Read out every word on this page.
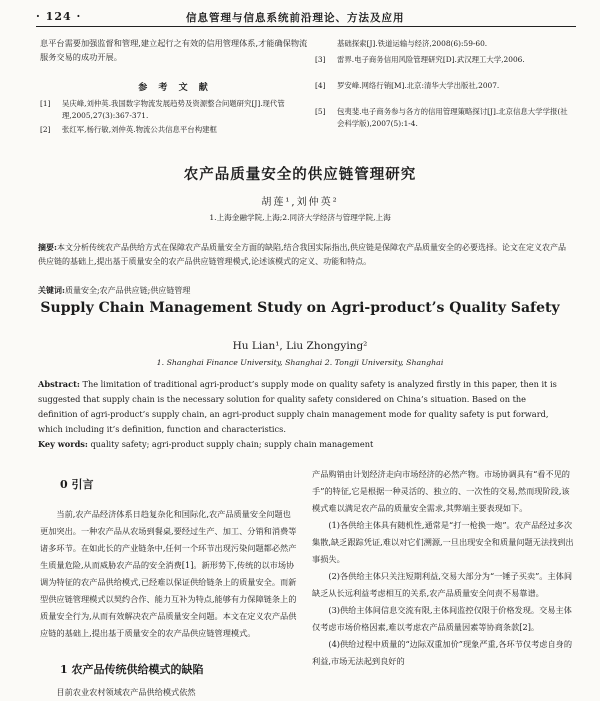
· 124 ·	信息管理与信息系统前沿理论、方法及应用

息平台需要加强监督和管理,建立起行之有效的信用管理体系,才能确保物流服务交易的成功开展。

参 考 文 献
[1] 吴庆峰,刘仲英.我国数字物流发展趋势及资源整合问题研究[J].现代管理,2005,27(3):367-371.
[2] 张红军,杨行敏,刘仲英.物流公共信息平台构建框
基础探索[J].铁道运输与经济,2008(6):59-60.
[3] 雷界.电子商务信用风险管理研究[D].武汉理工大学,2006.
[4] 罗安峰.网络行销[M].北京:清华大学出版社,2007.
[5] 包夷斐.电子商务参与各方的信用管理策略探讨[J].北京信息大学学报(社会科学版),2007(5):1-4.
农产品质量安全的供应链管理研究
胡莲¹,刘仲英²
1.上海金融学院,上海;2.同济大学经济与管理学院,上海
摘要:本文分析传统农产品供给方式在保障农产品质量安全方面的缺陷,结合我国实际指出,供应链是保障农产品质量安全的必要选择。论文在定义农产品供应链的基础上,提出基于质量安全的农产品供应链管理模式,论述该模式的定义、功能和特点。
关键词:质量安全;农产品供应链;供应链管理
Supply Chain Management Study on Agri-product’s Quality Safety
Hu Lian¹, Liu Zhongying²
1. Shanghai Finance University, Shanghai 2. Tongji University, Shanghai
Abstract: The limitation of traditional agri-product’s supply mode on quality safety is analyzed firstly in this paper, then it is suggested that supply chain is the necessary solution for quality safety considered on China’s situation. Based on the definition of agri-product’s supply chain, an agri-product supply chain management mode for quality safety is put forward, which including it’s definition, function and characteristics.
Key words: quality safety; agri-product supply chain; supply chain management
0 引言

当前,农产品经济体系日趋复杂化和国际化,农产品质量安全问题也更加突出。一种农产品从农场到餐桌,要经过生产、加工、分销和消费等诸多环节。在如此长的产业链条中,任何一个环节出现污染问题都必然产生质量危险,从而威胁农产品的安全消费[1]。新形势下,传统的以市场协调为特征的农产品供给模式,已经难以保证供给链条上的质量安全。而新型供应链管理模式以契约合作、能力互补为特点,能够有力保障链条上的质量安全行为,从而有效解决农产品质量安全问题。本文在定义农产品供应链的基础上,提出基于质量安全的农产品供应链管理模式。

1 农产品传统供给模式的缺陷

目前农业农村领域农产品供给模式依然

产品购销由计划经济走向市场经济的必然产物。市场协调具有“看不见的手”的特征,它是根据一种灵活的、独立的、一次性的交易,然而现阶段,该模式难以满足农产品的质量安全需求,其弊端主要表现如下。

(1)各供给主体具有随机性,通常是“打一枪换一炮”。农产品经过多次集散,缺乏跟踪凭证,难以对它们溯源,一旦出现安全和质量问题无法找到出事损失。

(2)各供给主体只关注短期利益,交易大部分为“一锤子买卖”。主体间缺乏从长远利益考虑相互的关系,农产品质量安全问责不易靠谱。

(3)供给主体间信息交流有限,主体间监控仅限于价格发现。交易主体仅考虑市场价格因素,难以考虑农产品质量因素等协商条款[2]。

(4)供给过程中质量的“边际双重加价”现象严重,各环节仅考虑自身的利益,市场无法起到良好的
